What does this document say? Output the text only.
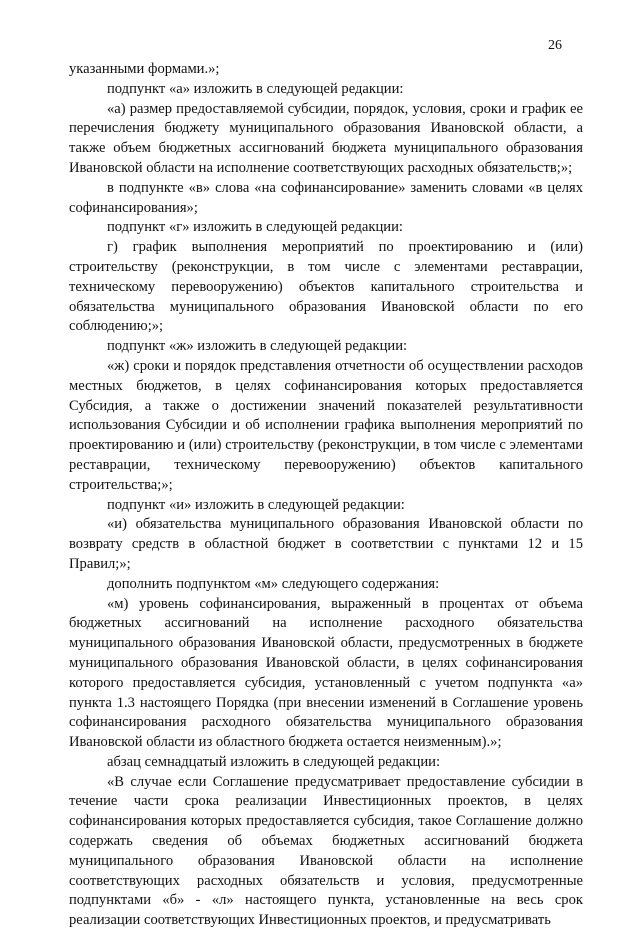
26

указанными формами.»;

подпункт «а» изложить в следующей редакции:

«а) размер предоставляемой субсидии, порядок, условия, сроки и график ее перечисления бюджету муниципального образования Ивановской области, а также объем бюджетных ассигнований бюджета муниципального образования Ивановской области на исполнение соответствующих расходных обязательств;»;

в подпункте «в» слова «на софинансирование» заменить словами «в целях софинансирования»;

подпункт «г» изложить в следующей редакции:

г) график выполнения мероприятий по проектированию и (или) строительству (реконструкции, в том числе с элементами реставрации, техническому перевооружению) объектов капитального строительства и обязательства муниципального образования Ивановской области по его соблюдению;»;

подпункт «ж» изложить в следующей редакции:

«ж) сроки и порядок представления отчетности об осуществлении расходов местных бюджетов, в целях софинансирования которых предоставляется Субсидия, а также о достижении значений показателей результативности использования Субсидии и об исполнении графика выполнения мероприятий по проектированию и (или) строительству (реконструкции, в том числе с элементами реставрации, техническому перевооружению) объектов капитального строительства;»;

подпункт «и» изложить в следующей редакции:

«и) обязательства муниципального образования Ивановской области по возврату средств в областной бюджет в соответствии с пунктами 12 и 15 Правил;»;

дополнить подпунктом «м» следующего содержания:

«м) уровень софинансирования, выраженный в процентах от объема бюджетных ассигнований на исполнение расходного обязательства муниципального образования Ивановской области, предусмотренных в бюджете муниципального образования Ивановской области, в целях софинансирования которого предоставляется субсидия, установленный с учетом подпункта «а» пункта 1.3 настоящего Порядка (при внесении изменений в Соглашение уровень софинансирования расходного обязательства муниципального образования Ивановской области из областного бюджета остается неизменным).»;

абзац семнадцатый изложить в следующей редакции:

«В случае если Соглашение предусматривает предоставление субсидии в течение части срока реализации Инвестиционных проектов, в целях софинансирования которых предоставляется субсидия, такое Соглашение должно содержать сведения об объемах бюджетных ассигнований бюджета муниципального образования Ивановской области на исполнение соответствующих расходных обязательств и условия, предусмотренные подпунктами «б» - «л» настоящего пункта, установленные на весь срок реализации соответствующих Инвестиционных проектов, и предусматривать
